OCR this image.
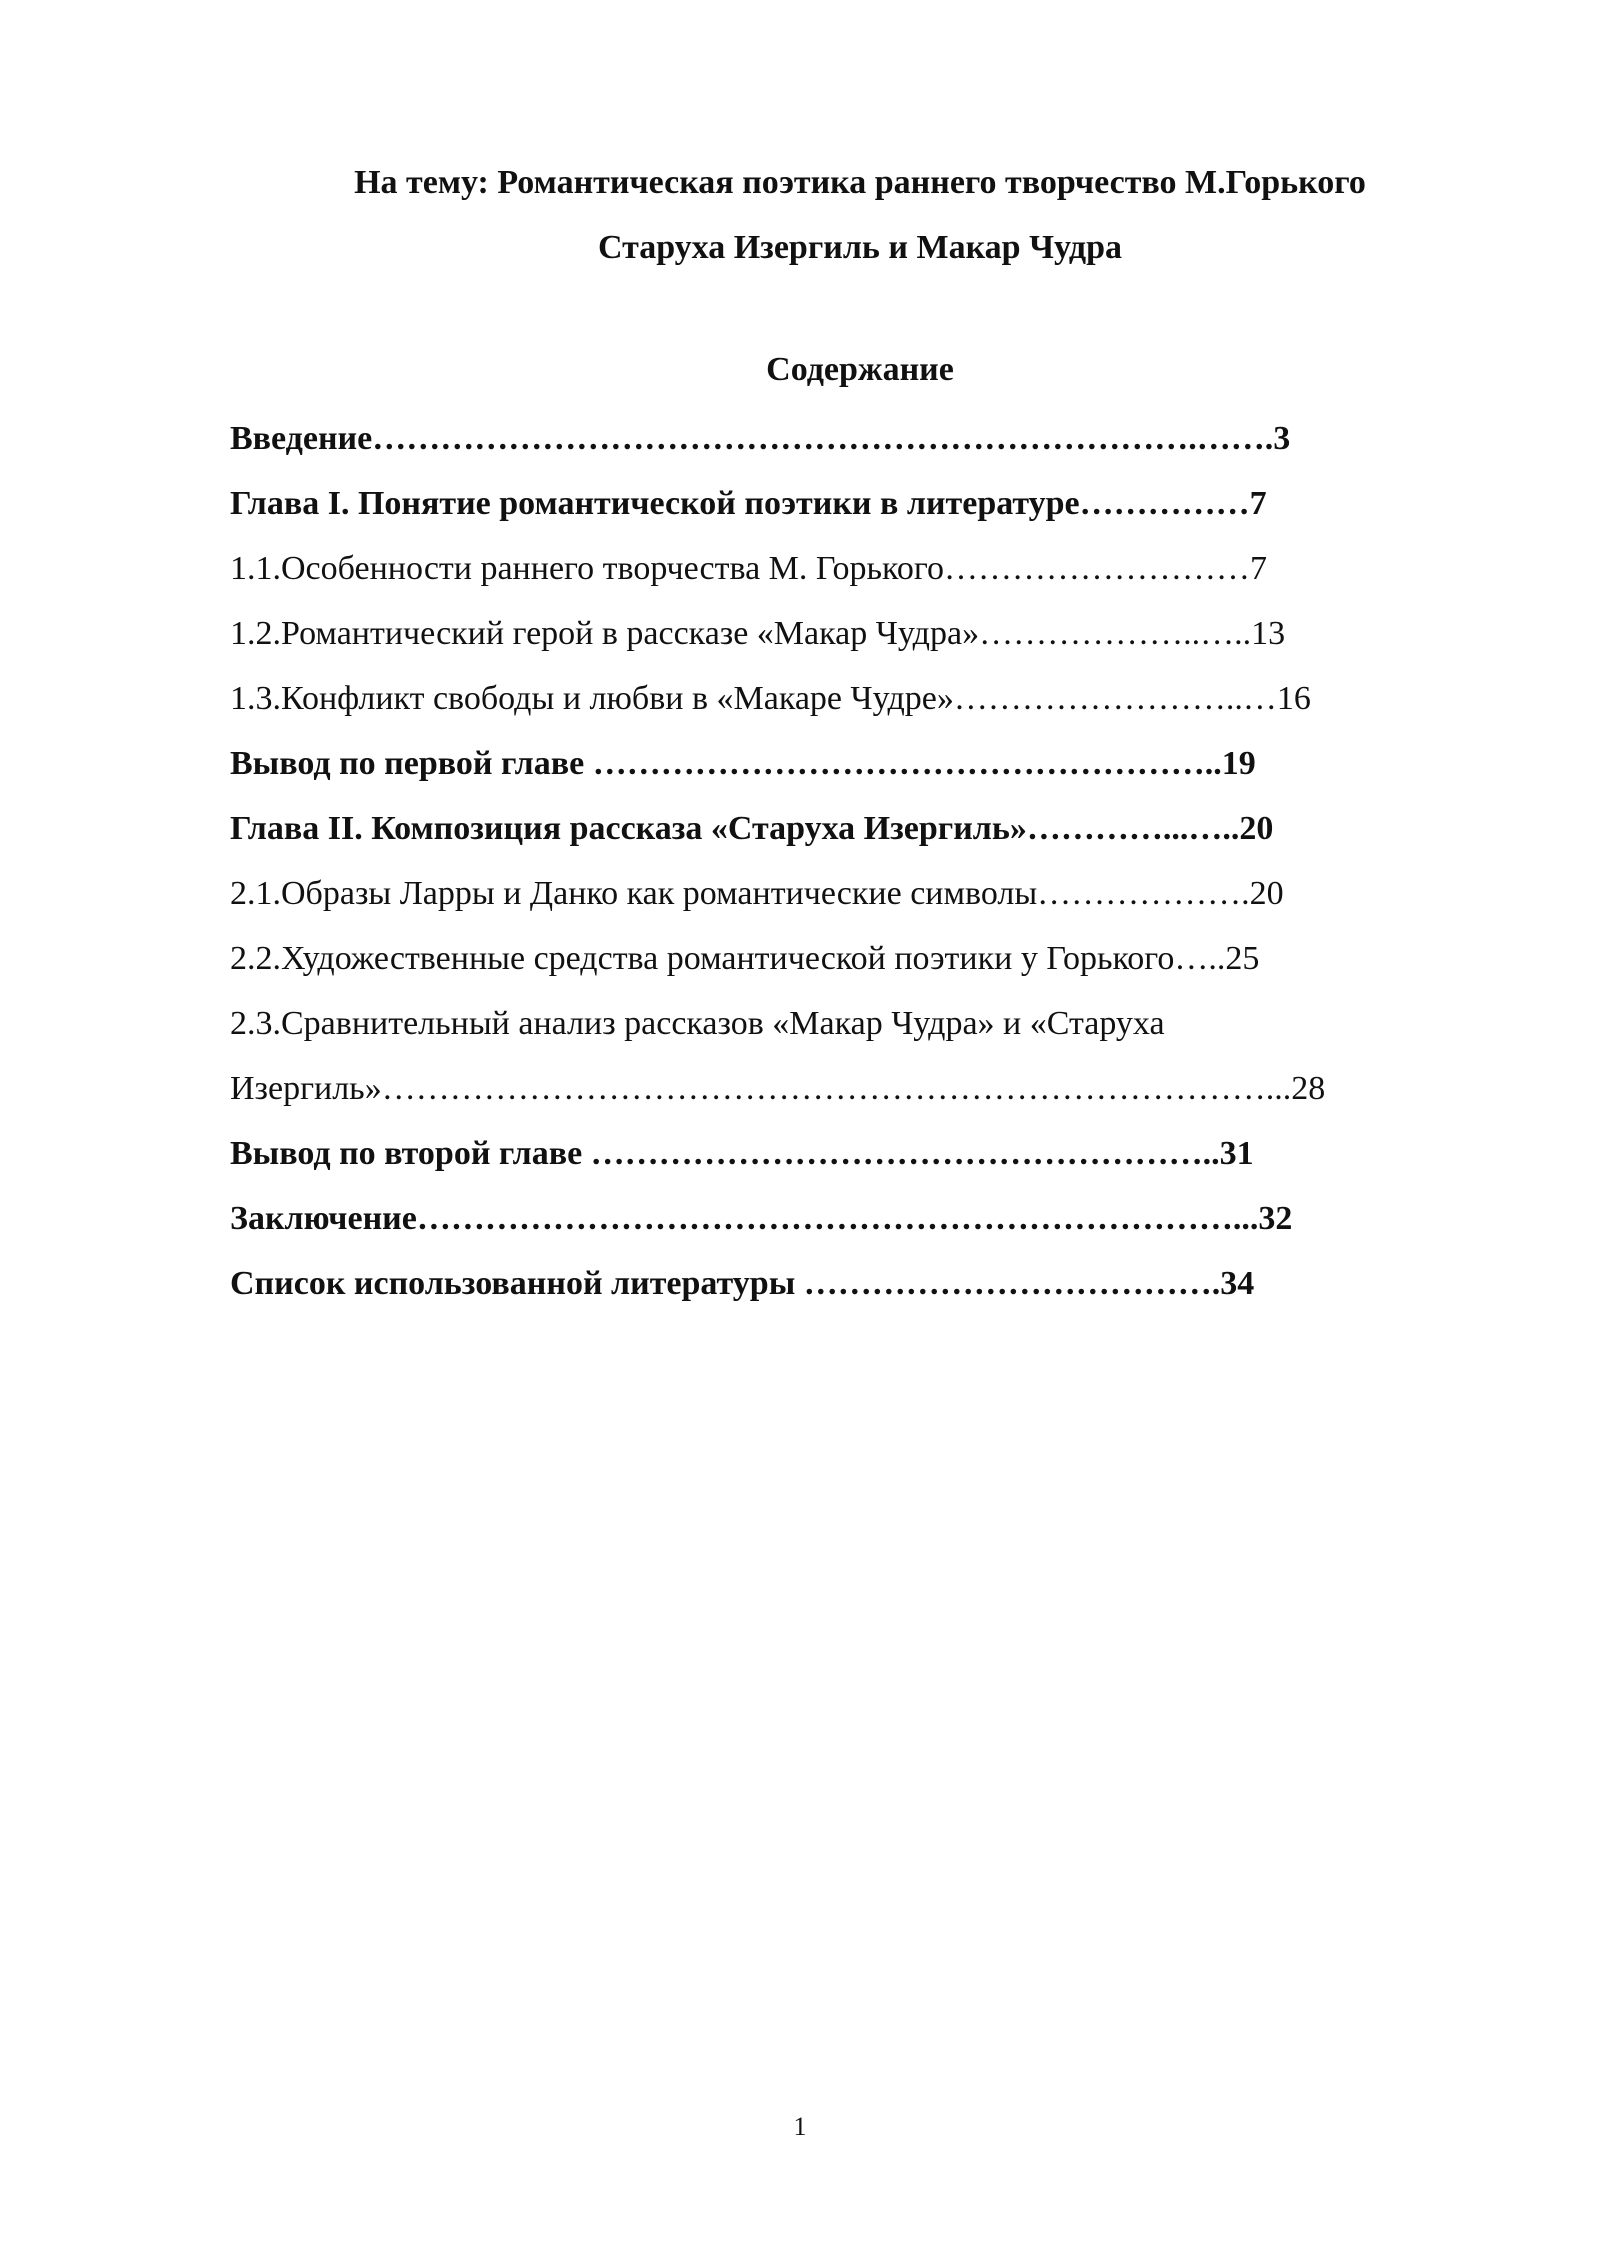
На тему: Романтическая поэтика раннего творчество М.Горького

Старуха Изергиль и Макар Чудра

Содержание

Введение……………………………………………………………….…….3

Глава I. Понятие романтической поэтики в литературе……………7

1.1.Особенности раннего творчества М. Горького………………………7

1.2.Романтический герой в рассказе «Макар Чудра»………………..…..13

1.3.Конфликт свободы и любви в «Макаре Чудре»……………………..…16

Вывод по первой главе ………………………………………………..19

Глава II. Композиция рассказа «Старуха Изергиль»…………...…..20

2.1.Образы Ларры и Данко как романтические символы……………….20

2.2.Художественные средства романтической поэтики у Горького…..25

2.3.Сравнительный анализ рассказов «Макар Чудра» и «Старуха Изергиль»……………………………………………………………………...28

Вывод по второй главе ………………………………………………..31

Заключение………………………………………………………………...32

Список использованной литературы ……………………………….34

1
